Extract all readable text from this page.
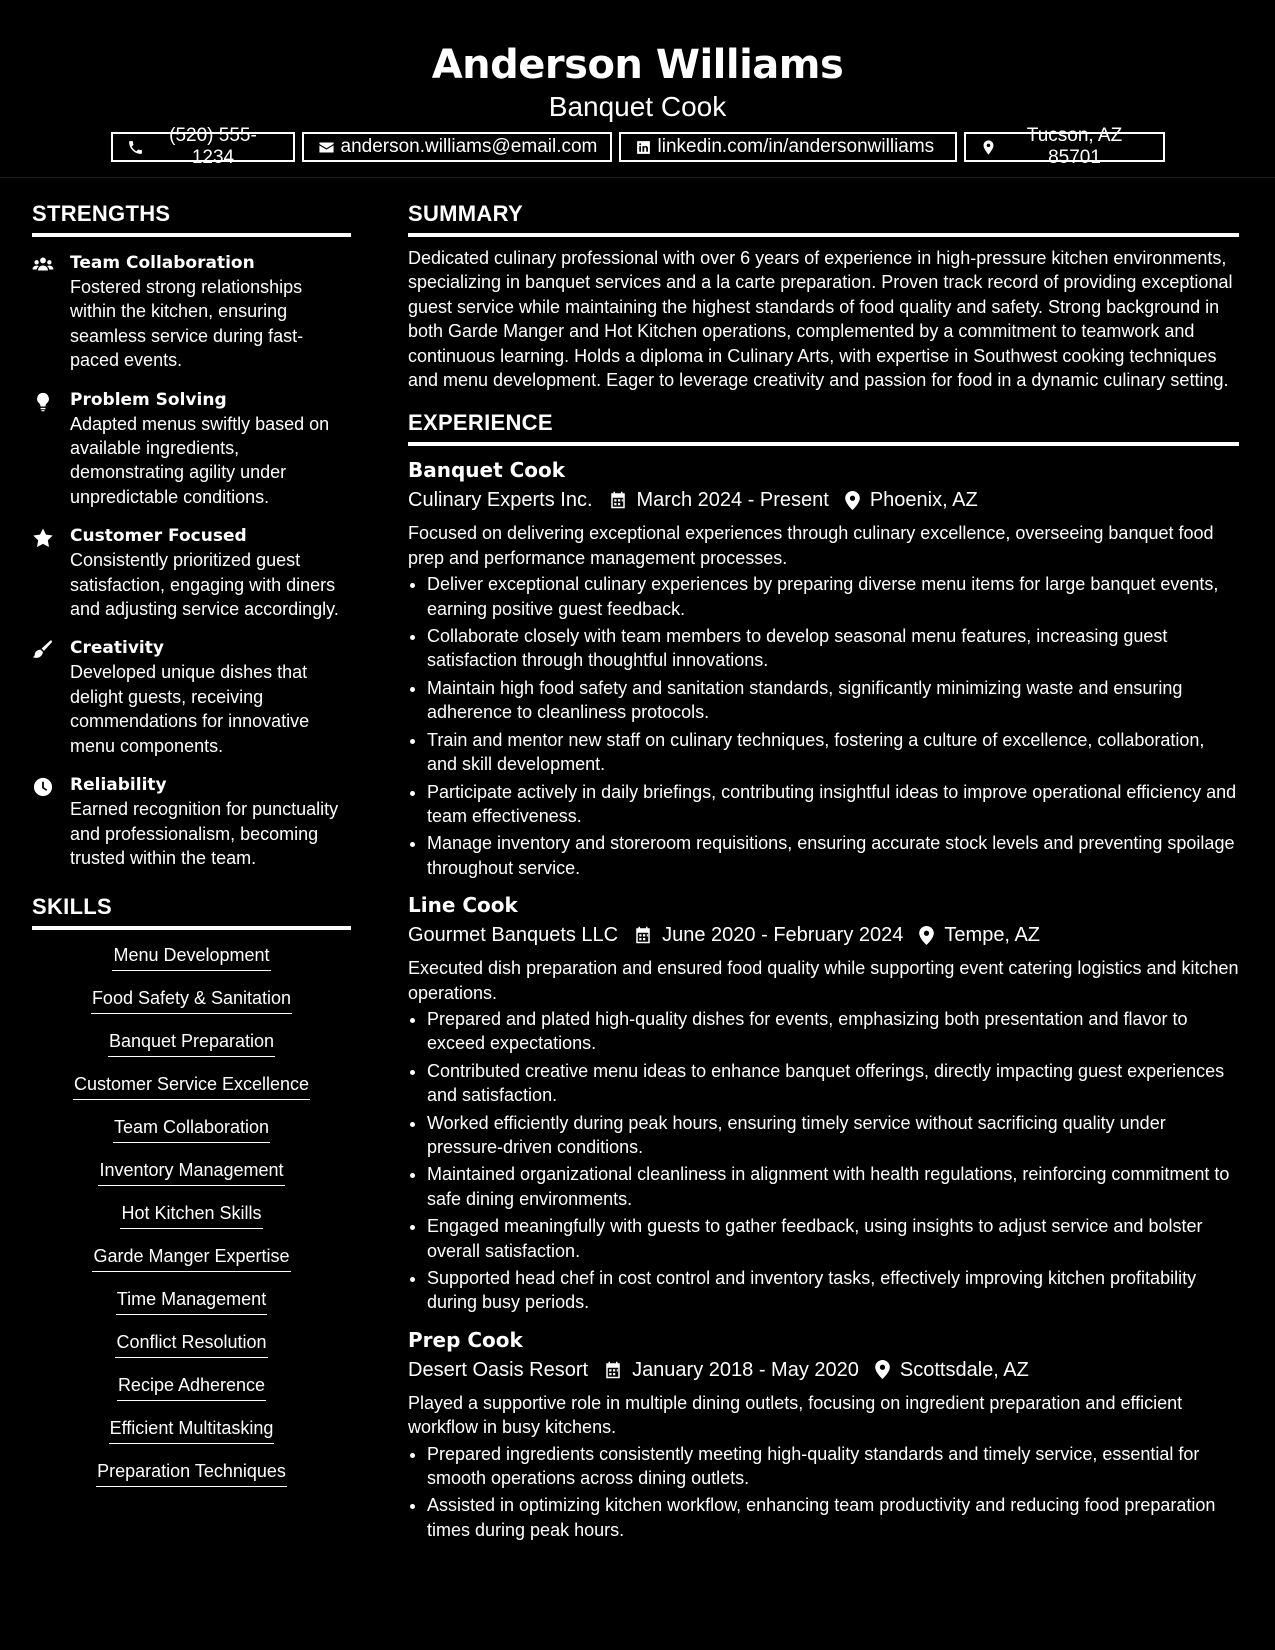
Anderson Williams
Banquet Cook
(520) 555-1234
anderson.williams@email.com	linkedin.com/in/andersonwilliams
Tucson, AZ 85701
STRENGTHS
Team Collaboration
Fostered strong relationships within the kitchen, ensuring seamless service during fast-paced events.
Problem Solving
Adapted menus swiftly based on available ingredients, demonstrating agility under unpredictable conditions.
Customer Focused
Consistently prioritized guest satisfaction, engaging with diners and adjusting service accordingly.
Creativity
Developed unique dishes that delight guests, receiving commendations for innovative menu components.
Reliability
Earned recognition for punctuality and professionalism, becoming trusted within the team.
SKILLS
Menu Development
Food Safety & Sanitation
Banquet Preparation
Customer Service Excellence
Team Collaboration
Inventory Management
Hot Kitchen Skills
Garde Manger Expertise
Time Management
Conflict Resolution
Recipe Adherence
Efficient Multitasking
Preparation Techniques
SUMMARY
Dedicated culinary professional with over 6 years of experience in high-pressure kitchen environments, specializing in banquet services and a la carte preparation. Proven track record of providing exceptional guest service while maintaining the highest standards of food quality and safety. Strong background in both Garde Manger and Hot Kitchen operations, complemented by a commitment to teamwork and continuous learning. Holds a diploma in Culinary Arts, with expertise in Southwest cooking techniques and menu development. Eager to leverage creativity and passion for food in a dynamic culinary setting.
EXPERIENCE
Banquet Cook
Culinary Experts Inc. March 2024 - Present Phoenix, AZ
Focused on delivering exceptional experiences through culinary excellence, overseeing banquet food prep and performance management processes.
• Deliver exceptional culinary experiences by preparing diverse menu items for large banquet events, earning positive guest feedback.
• Collaborate closely with team members to develop seasonal menu features, increasing guest satisfaction through thoughtful innovations.
• Maintain high food safety and sanitation standards, significantly minimizing waste and ensuring adherence to cleanliness protocols.
• Train and mentor new staff on culinary techniques, fostering a culture of excellence, collaboration, and skill development.
• Participate actively in daily briefings, contributing insightful ideas to improve operational efficiency and team effectiveness.
• Manage inventory and storeroom requisitions, ensuring accurate stock levels and preventing spoilage throughout service.
Line Cook
Gourmet Banquets LLC June 2020 - February 2024 Tempe, AZ
Executed dish preparation and ensured food quality while supporting event catering logistics and kitchen operations.
• Prepared and plated high-quality dishes for events, emphasizing both presentation and flavor to exceed expectations.
• Contributed creative menu ideas to enhance banquet offerings, directly impacting guest experiences and satisfaction.
• Worked efficiently during peak hours, ensuring timely service without sacrificing quality under pressure-driven conditions.
• Maintained organizational cleanliness in alignment with health regulations, reinforcing commitment to safe dining environments.
• Engaged meaningfully with guests to gather feedback, using insights to adjust service and bolster overall satisfaction.
• Supported head chef in cost control and inventory tasks, effectively improving kitchen profitability during busy periods.
Prep Cook
Desert Oasis Resort January 2018 - May 2020 Scottsdale, AZ
Played a supportive role in multiple dining outlets, focusing on ingredient preparation and efficient workflow in busy kitchens.
• Prepared ingredients consistently meeting high-quality standards and timely service, essential for smooth operations across dining outlets.
• Assisted in optimizing kitchen workflow, enhancing team productivity and reducing food preparation times during peak hours.
